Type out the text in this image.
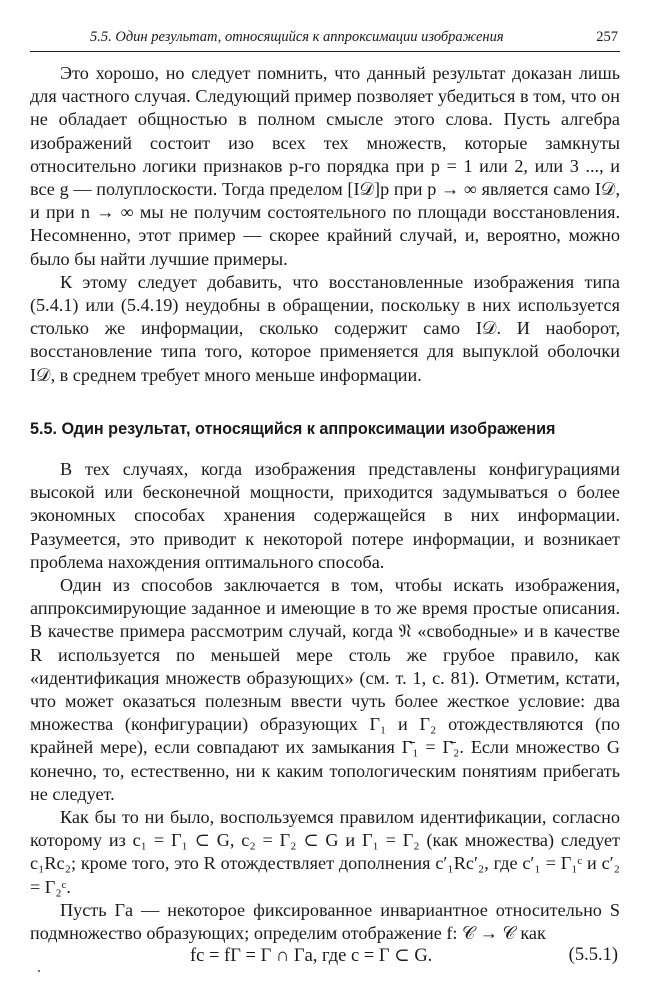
5.5. Один результат, относящийся к аппроксимации изображения	257

Это хорошо, но следует помнить, что данный результат доказан лишь для частного случая. Следующий пример позволяет убедиться в том, что он не обладает общностью в полном смысле этого слова. Пусть алгебра изображений состоит изо всех тех множеств, которые замкнуты относительно логики признаков p-го порядка при p = 1 или 2, или 3 ..., и все g — полуплоскости. Тогда пределом [I𝒟]p при p → ∞ является само I𝒟, и при n → ∞ мы не получим состоятельного по площади восстановления. Несомненно, этот пример — скорее крайний случай, и, вероятно, можно было бы найти лучшие примеры.

К этому следует добавить, что восстановленные изображения типа (5.4.1) или (5.4.19) неудобны в обращении, поскольку в них используется столько же информации, сколько содержит само I𝒟. И наоборот, восстановление типа того, которое применяется для выпуклой оболочки I𝒟, в среднем требует много меньше информации.

5.5. Один результат, относящийся к аппроксимации изображения

В тех случаях, когда изображения представлены конфигурациями высокой или бесконечной мощности, приходится задумываться о более экономных способах хранения содержащейся в них информации. Разумеется, это приводит к некоторой потере информации, и возникает проблема нахождения оптимального способа.

Один из способов заключается в том, чтобы искать изображения, аппроксимирующие заданное и имеющие в то же время простые описания. В качестве примера рассмотрим случай, когда 𝔑 «свободные» и в качестве R используется по меньшей мере столь же грубое правило, как «идентификация множеств образующих» (см. т. 1, с. 81). Отметим, кстати, что может оказаться полезным ввести чуть более жесткое условие: два множества (конфигурации) образующих Γ₁ и Γ₂ отождествляются (по крайней мере), если совпадают их замыкания Γ̄₁ = Γ̄₂. Если множество G конечно, то, естественно, ни к каким топологическим понятиям прибегать не следует.

Как бы то ни было, воспользуемся правилом идентификации, согласно которому из c₁ = Γ₁ ⊂ G, c₂ = Γ₂ ⊂ G и Γ₁ = Γ₂ (как множества) следует c₁Rc₂; кроме того, это R отождествляет дополнения c′₁Rc′₂, где c′₁ = Γ₁ᶜ и c′₂ = Γ₂ᶜ.

Пусть Γa — некоторое фиксированное инвариантное относительно S подмножество образующих; определим отображение f: 𝒞 → 𝒞 как

fc = fΓ = Γ ∩ Γa, где c = Γ ⊂ G.	(5.5.1)
